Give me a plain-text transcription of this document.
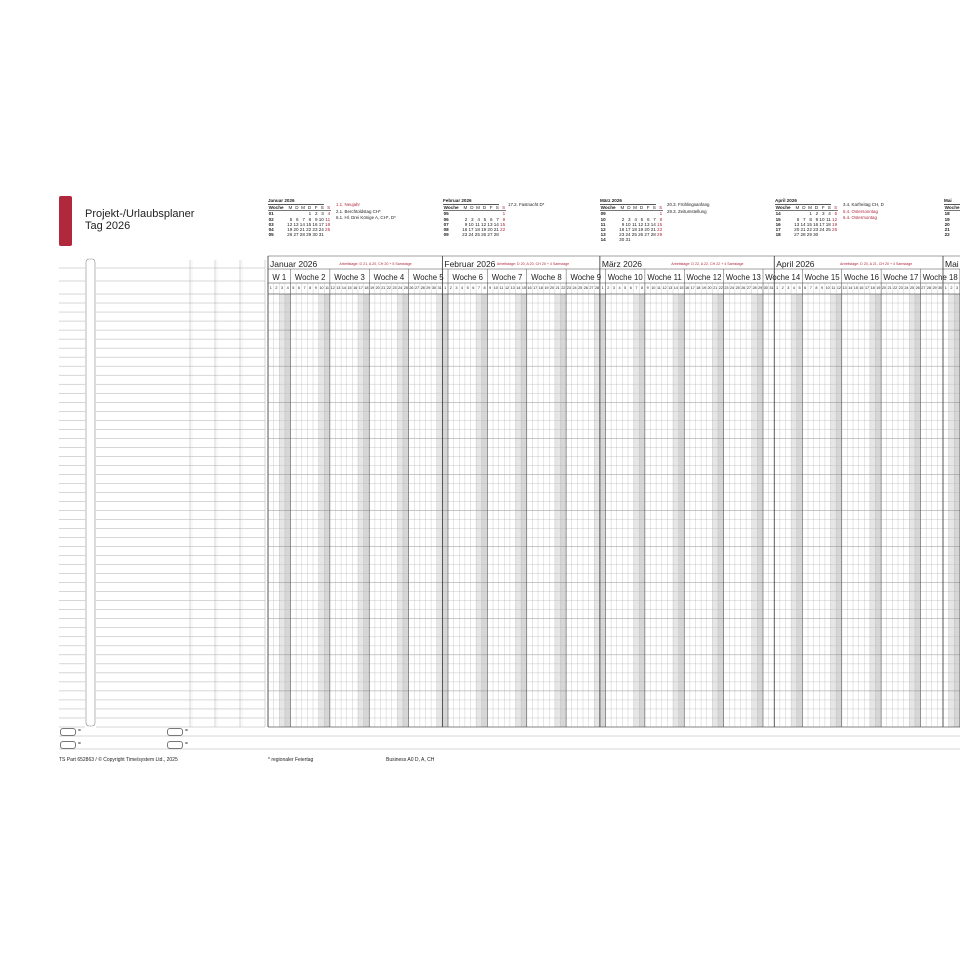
Projekt-/Urlaubsplaner
Tag 2026
Januar 2026
Woche	M	D	M	D	F	S	S
01				1	2	3	4
02	5	6	7	8	9	10	11
03	12	13	14	15	16	17	18
04	19	20	21	22	23	24	25
05	26	27	28	29	30	31	
Februar 2026
Woche	M	D	M	D	F	S	S
05							1
06	2	3	4	5	6	7	8
07	9	10	11	12	13	14	15
08	16	17	18	19	20	21	22
09	23	24	25	26	27	28	
März 2026
Woche	M	D	M	D	F	S	S
09							1
10	2	3	4	5	6	7	8
11	9	10	11	12	13	14	15
12	16	17	18	19	20	21	22
13	23	24	25	26	27	28	29
14	30	31					
April 2026
Woche	M	D	M	D	F	S	S
14			1	2	3	4	5
15	6	7	8	9	10	11	12
16	13	14	15	16	17	18	19
17	20	21	22	23	24	25	26
18	27	28	29	30			
Mai
Woche
18
19
20
21
22
1.1. Neujahr
2.1. Berchtoldstag CH*
6.1. Hl. Drei Könige A, CH*, D*
17.2. Fastnacht D*	20.3. Frühlingsanfang
29.3. Zeitumstellung
3.4. Karfreitag CH, D
5.4. Ostersonntag
6.4. Ostermontag
Januar 2026	Arbeitstage: D 21, A 20, CH 20 + 5 Samstage	Februar 2026 Arbeitstage: D 20, A 20, CH 20 + 4 Samstage	März 2026	Arbeitstage: D 22, A 22, CH 22 + 4 Samstage	April 2026	Arbeitstage: D 20, A 21, CH 20 + 4 Samstage	Mai
W 1	Woche 2	Woche 3	Woche 4	Woche 5	Woche 6	Woche 7	Woche 8	Woche 9 Woche 10 Woche 11 Woche 12 Woche 13 Woche 14 Woche 15 Woche 16 Woche 17 Woche 18
1 2 3 4 5 6 7 8 9 10 11 12 13 14 15 16 17 18 19 20 21 22 23 24 25 26 27 28 29 30 31 1 2 3 4 5 6 7 8 9 10 11 12 13 14 15 16 17 18 19 20 21 22 23 24 25 26 27 28 1 2 3 4 5 6 7 8 9 10 11 12 13 14 15 16 17 18 19 20 21 22 23 24 25 26 27 28 29 30 31 1 2 3 4 5 6 7 8 9 10 11 12 13 14 15 16 17 18 19 20 21 22 23 24 25 26 27 28 29 30 1 2 3
=	=
=	=
TS Part 652863 / © Copyright Time/system Ltd., 2025	* regionaler Feiertag	Business A0 D, A, CH
